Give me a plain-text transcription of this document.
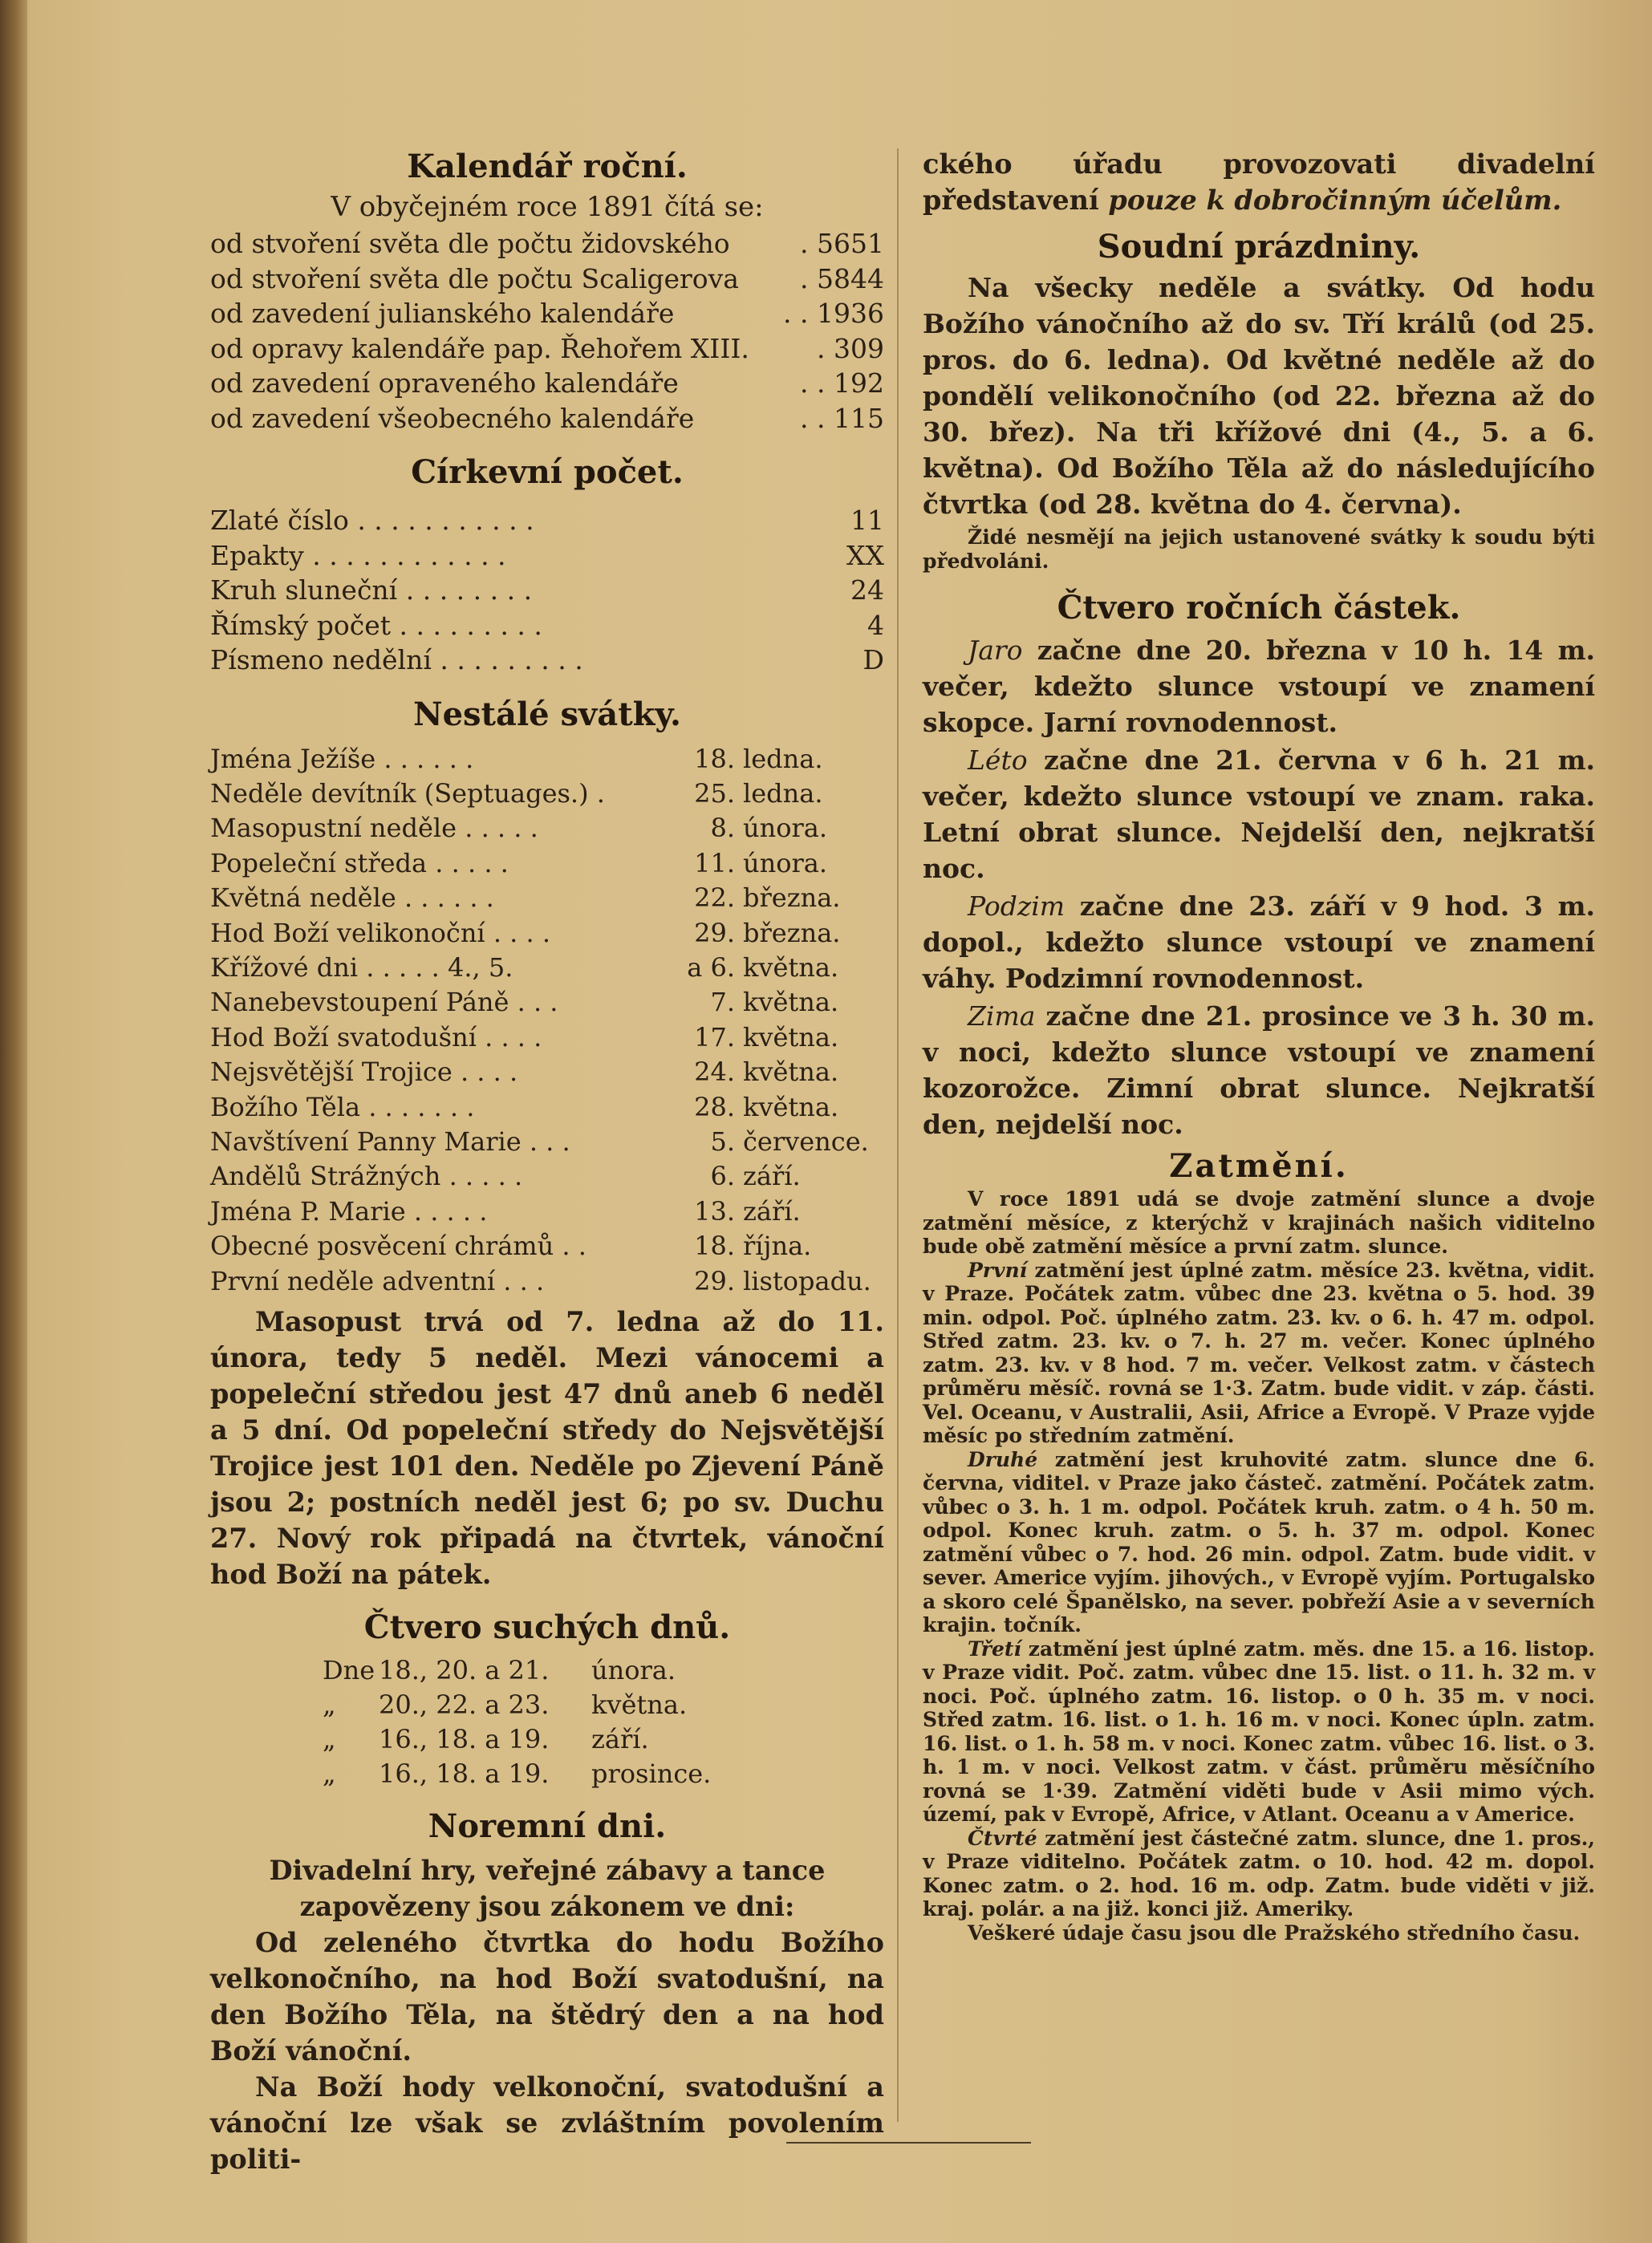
Kalendář roční.

V obyčejném roce 1891 čítá se:

od stvoření světa dle počtu židovského	. 5651
od stvoření světa dle počtu Scaligerova . 5844
od zavedení julianského kalendáře	. . 1936
od opravy kalendáře pap. Řehořem XIII.	. 309
od zavedení opraveného kalendáře	. . 192
od zavedení všeobecného kalendáře	. . 115
Církevní počet.
Zlaté číslo . . . . . . . . . . .	11
Epakty . . . . . . . . . . . .	XX
Kruh sluneční . . . . . . . .	24
Římský počet . . . . . . . . .	4
Písmeno nedělní . . . . . . . . .	D
Nestálé svátky.
Jména Ježíše . . . . . .	18. ledna.
Neděle devítník (Septuages.) .	25. ledna.
Masopustní neděle . . . . .	8. února.
Popeleční středa . . . . .	11. února.
Květná neděle . . . . . .	22. března.
Hod Boží velikonoční . . . .	29. března.
Křížové dni . . . . . 4., 5.	a 6. května.
Nanebevstoupení Páně . . .	7. května.
Hod Boží svatodušní . . . .	17. května.
Nejsvětější Trojice . . . .	24. května.
Božího Těla . . . . . . .	28. května.
Navštívení Panny Marie . . .	5. července.
Andělů Strážných . . . . .	6. září.
Jména P. Marie . . . . .	13. září.
Obecné posvěcení chrámů . .	18. října.
První neděle adventní . . .	29. listopadu.

Masopust trvá od 7. ledna až do 11. února, tedy 5 neděl. Mezi vánocemi a popeleční středou jest 47 dnů aneb 6 neděl a 5 dní. Od popeleční středy do Nejsvětější Trojice jest 101 den. Neděle po Zjevení Páně jsou 2; postních neděl jest 6; po sv. Duchu 27. Nový rok připadá na čtvrtek, vánoční hod Boží na pátek.

Čtvero suchých dnů.
Dne 18., 20. a 21. února.
„ 20., 22. a 23. května.
„ 16., 18. a 19. září.
„ 16., 18. a 19. prosince.
Noremní dni.

Divadelní hry, veřejné zábavy a tance zapovězeny jsou zákonem ve dni:

Od zeleného čtvrtka do hodu Božího velkonočního, na hod Boží svatodušní, na den Božího Těla, na štědrý den a na hod Boží vánoční.

Na Boží hody velkonoční, svatodušní a vánoční lze však se zvláštním povolením politi-

ckého úřadu provozovati divadelní představení pouze k dobročinným účelům.

Soudní prázdniny.

Na všecky neděle a svátky. Od hodu Božího vánočního až do sv. Tří králů (od 25. pros. do 6. ledna). Od květné neděle až do pondělí velikonočního (od 22. března až do 30. břez). Na tři křížové dni (4., 5. a 6. května). Od Božího Těla až do následujícího čtvrtka (od 28. května do 4. června).

Židé nesmějí na jejich ustanovené svátky k soudu býti předvoláni.

Čtvero ročních částek.

Jaro začne dne 20. března v 10 h. 14 m. večer, kdežto slunce vstoupí ve znamení skopce. Jarní rovnodennost.

Léto začne dne 21. června v 6 h. 21 m. večer, kdežto slunce vstoupí ve znam. raka. Letní obrat slunce. Nejdelší den, nejkratší noc.

Podzim začne dne 23. září v 9 hod. 3 m. dopol., kdežto slunce vstoupí ve znamení váhy. Podzimní rovnodennost.

Zima začne dne 21. prosince ve 3 h. 30 m. v noci, kdežto slunce vstoupí ve znamení kozorožce. Zimní obrat slunce. Nejkratší den, nejdelší noc.

Zatmění.

V roce 1891 udá se dvoje zatmění slunce a dvoje zatmění měsíce, z kterýchž v krajinách našich viditelno bude obě zatmění měsíce a první zatm. slunce.

První zatmění jest úplné zatm. měsíce 23. května, vidit. v Praze. Počátek zatm. vůbec dne 23. května o 5. hod. 39 min. odpol. Poč. úplného zatm. 23. kv. o 6. h. 47 m. odpol. Střed zatm. 23. kv. o 7. h. 27 m. večer. Konec úplného zatm. 23. kv. v 8 hod. 7 m. večer. Velkost zatm. v částech průměru měsíč. rovná se 1·3. Zatm. bude vidit. v záp. části. Vel. Oceanu, v Australii, Asii, Africe a Evropě. V Praze vyjde měsíc po středním zatmění.

Druhé zatmění jest kruhovité zatm. slunce dne 6. června, viditel. v Praze jako částeč. zatmění. Počátek zatm. vůbec o 3. h. 1 m. odpol. Počátek kruh. zatm. o 4 h. 50 m. odpol. Konec kruh. zatm. o 5. h. 37 m. odpol. Konec zatmění vůbec o 7. hod. 26 min. odpol. Zatm. bude vidit. v sever. Americe vyjím. jihových., v Evropě vyjím. Portugalsko a skoro celé Španělsko, na sever. pobřeží Asie a v severních krajin. točník.

Třetí zatmění jest úplné zatm. měs. dne 15. a 16. listop. v Praze vidit. Poč. zatm. vůbec dne 15. list. o 11. h. 32 m. v noci. Poč. úplného zatm. 16. listop. o 0 h. 35 m. v noci. Střed zatm. 16. list. o 1. h. 16 m. v noci. Konec úpln. zatm. 16. list. o 1. h. 58 m. v noci. Konec zatm. vůbec 16. list. o 3. h. 1 m. v noci. Velkost zatm. v část. průměru měsíčního rovná se 1·39. Zatmění viděti bude v Asii mimo vých. území, pak v Evropě, Africe, v Atlant. Oceanu a v Americe.

Čtvrté zatmění jest částečné zatm. slunce, dne 1. pros., v Praze viditelno. Počátek zatm. o 10. hod. 42 m. dopol. Konec zatm. o 2. hod. 16 m. odp. Zatm. bude viděti v již. kraj. polár. a na již. konci již. Ameriky.

Veškeré údaje času jsou dle Pražského středního času.
